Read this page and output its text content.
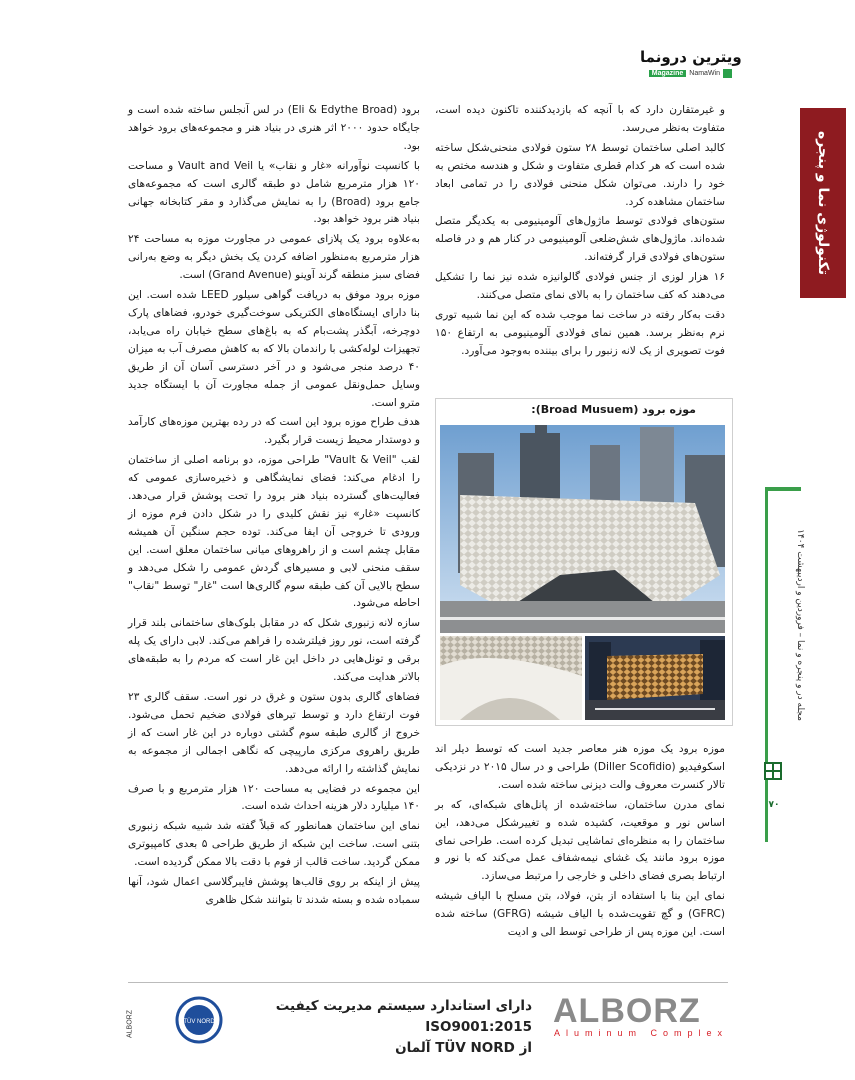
ویترین درونما
Magazine NamaWin
تکنولوژی نما و پنجره
مجله در و پنجره و نما – فروردین و اردیبهشت ۱۴۰۴
۷۰

برود (Eli & Edythe Broad) در لس آنجلس ساخته شده است و جایگاه حدود ۲۰۰۰ اثر هنری در بنیاد هنر و مجموعه‌های برود خواهد بود.

با کانسپت نوآورانه «غار و نقاب» یا Vault and Veil و مساحت ۱۲۰ هزار مترمربع شامل دو طبقه گالری است که مجموعه‌های جامع برود (Broad) را به نمایش می‌گذارد و مقر کتابخانه جهانی بنیاد هنر برود خواهد بود.

به‌علاوه برود یک پلازای عمومی در مجاورت موزه به مساحت ۲۴ هزار مترمربع به‌منظور اضافه کردن یک بخش دیگر به وضع به‌رانی فضای سبز منطقه گرند آوینو (Grand Avenue) است.

موزه برود موفق به دریافت گواهی سیلور LEED شده است. این بنا دارای ایستگاه‌های الکتریکی سوخت‌گیری خودرو، فضاهای پارک دوچرخه، آبگذر پشت‌بام که به باغ‌های سطح خیابان راه می‌یابد، تجهیزات لوله‌کشی با راندمان بالا که به کاهش مصرف آب به میزان ۴۰ درصد منجر می‌شود و در آخر دسترسی آسان آن از طریق وسایل حمل‌ونقل عمومی از جمله مجاورت آن با ایستگاه جدید مترو است.

هدف طراح موزه برود این است که در رده بهترین موزه‌های کارآمد و دوستدار محیط زیست قرار بگیرد.

لقب "Vault & Veil" طراحی موزه، دو برنامه اصلی از ساختمان را ادغام می‌کند: فضای نمایشگاهی و ذخیره‌سازی عمومی که فعالیت‌های گسترده بنیاد هنر برود را تحت پوشش قرار می‌دهد. کانسپت «غار» نیز نقش کلیدی را در شکل دادن فرم موزه از ورودی تا خروجی آن ایفا می‌کند. توده حجم سنگین آن همیشه مقابل چشم است و از راهروهای میانی ساختمان معلق است. این سقف منحنی لابی و مسیرهای گردش عمومی را شکل می‌دهد و سطح بالایی آن کف طبقه سوم گالری‌ها است "غار" توسط "نقاب" احاطه می‌شود.

سازه لانه زنبوری شکل که در مقابل بلوک‌های ساختمانی بلند قرار گرفته است، نور روز فیلترشده را فراهم می‌کند. لابی دارای یک پله برقی و تونل‌هایی در داخل این غار است که مردم را به طبقه‌های بالاتر هدایت می‌کند.

فضاهای گالری بدون ستون و غرق در نور است. سقف گالری ۲۳ فوت ارتفاع دارد و توسط تیرهای فولادی ضخیم تحمل می‌شود. خروج از گالری طبقه سوم گشتی دوباره در این غار است که از طریق راهروی مرکزی مارپیچی که نگاهی اجمالی از مجموعه به نمایش گذاشته را ارائه می‌دهد.

این مجموعه در فضایی به مساحت ۱۲۰ هزار مترمربع و با صرف ۱۴۰ میلیارد دلار هزینه احداث شده است.

نمای این ساختمان همانطور که قبلاً گفته شد شبیه شبکه زنبوری بتنی است. ساخت این شبکه از طریق طراحی ۵ بعدی کامپیوتری ممکن گردید. ساخت قالب از فوم با دقت بالا ممکن گردیده است.

پیش از اینکه بر روی قالب‌ها پوشش فایبرگلاسی اعمال شود، آنها سمباده شده و بسته شدند تا بتوانند شکل ظاهری

و غیرمتقارن دارد که با آنچه که بازدیدکننده تاکنون دیده است، متفاوت به‌نظر می‌رسد.

کالبد اصلی ساختمان توسط ۲۸ ستون فولادی منحنی‌شکل ساخته شده است که هر کدام قطری متفاوت و شکل و هندسه مختص به خود را دارند. می‌توان شکل منحنی فولادی را در تمامی ابعاد ساختمان مشاهده کرد.

ستون‌های فولادی توسط ماژول‌های آلومینیومی به یکدیگر متصل شده‌اند. ماژول‌های شش‌ضلعی آلومینیومی در کنار هم و در فاصله ستون‌های فولادی قرار گرفته‌اند.

۱۶ هزار لوزی از جنس فولادی گالوانیزه شده نیز نما را تشکیل می‌دهند که کف ساختمان را به بالای نمای متصل می‌کنند.

دقت به‌کار رفته در ساخت نما موجب شده که این نما شبیه توری نرم به‌نظر برسد. همین نمای فولادی آلومینیومی به ارتفاع ۱۵۰ فوت تصویری از یک لانه زنبور را برای بیننده به‌وجود می‌آورد.

موزه برود (Broad Musuem):

موزه برود یک موزه هنر معاصر جدید است که توسط دیلر اند اسکوفیدیو (Diller Scofidio) طراحی و در سال ۲۰۱۵ در نزدیکی تالار کنسرت معروف والت دیزنی ساخته شده است.

نمای مدرن ساختمان، ساخته‌شده از پانل‌های شبکه‌ای، که بر اساس نور و موقعیت، کشیده شده و تغییرشکل می‌دهد، این ساختمان را به منظره‌ای تماشایی تبدیل کرده است. طراحی نمای موزه برود مانند یک غشای نیمه‌شفاف عمل می‌کند که با نور و ارتباط بصری فضای داخلی و خارجی را مرتبط می‌سازد.

نمای این بنا با استفاده از بتن، فولاد، بتن مسلح با الیاف شیشه (GFRC) و گچ تقویت‌شده با الیاف شیشه (GFRG) ساخته شده است. این موزه پس از طراحی توسط الی و ادیت

ALBORZ
Aluminum Complex
دارای استاندارد سیستم مدیریت کیفیت ISO9001:2015
از TÜV NORD آلمان
TÜV NORD
ALBORZ
